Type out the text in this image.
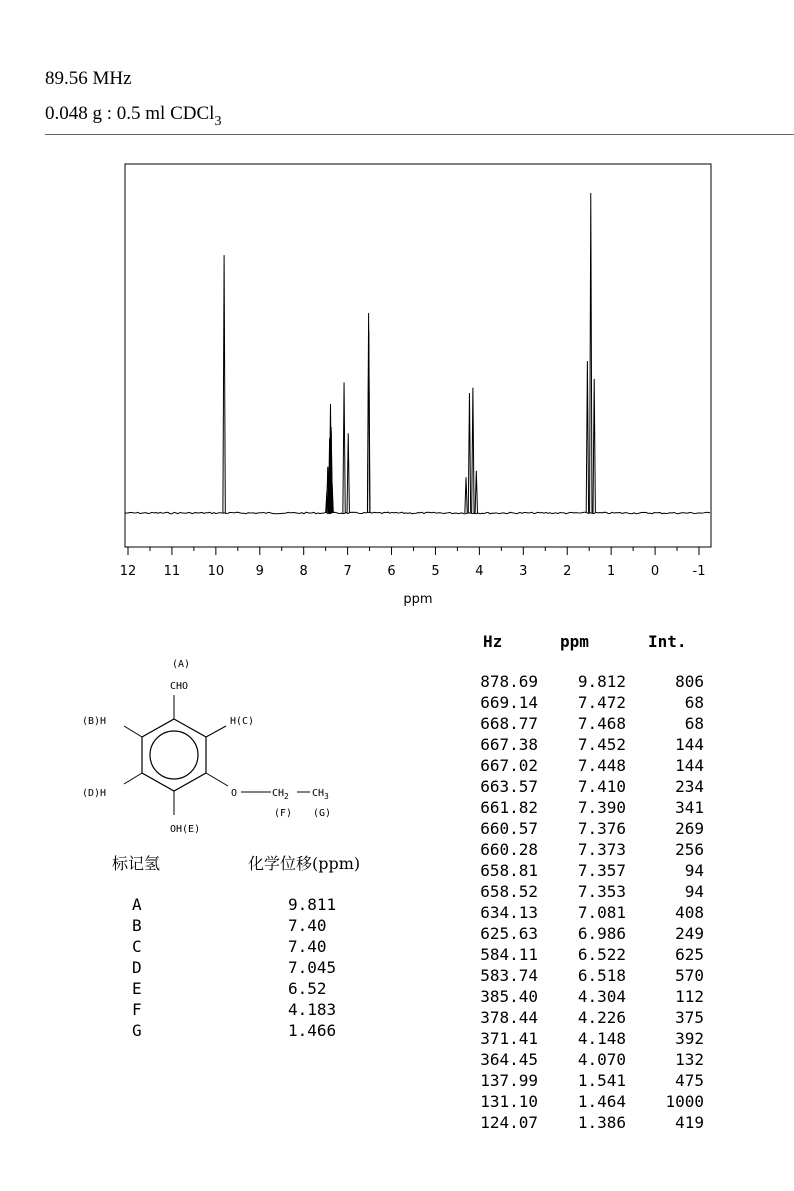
89.56 MHz
0.048 g : 0.5 ml CDCl$_3$
12 11 10 9	8	7	6	5	4	3	2	1	0	-1
ppm
(A)
CHO
(B)H	H(C)
(D)H	O	$CH_2$ $CH_3$
(F) (G)
OH(E)
标记氢	化学位移(ppm)
A	9.811
B	7.40
C	7.40
D	7.045
E	6.52
F	4.183
G	1.466
Hz	ppm	Int.
878.69 9.812	806
669.14 7.472	68
668.77 7.468	68
667.38 7.452	144
667.02 7.448	144
663.57 7.410	234
661.82 7.390	341
660.57 7.376	269
660.28 7.373	256
658.81 7.357	94
658.52 7.353	94
634.13 7.081	408
625.63 6.986	249
584.11 6.522	625
583.74 6.518	570
385.40 4.304	112
378.44 4.226	375
371.41 4.148	392
364.45 4.070	132
137.99 1.541	475
131.10 1.464 1000
124.07 1.386	419
